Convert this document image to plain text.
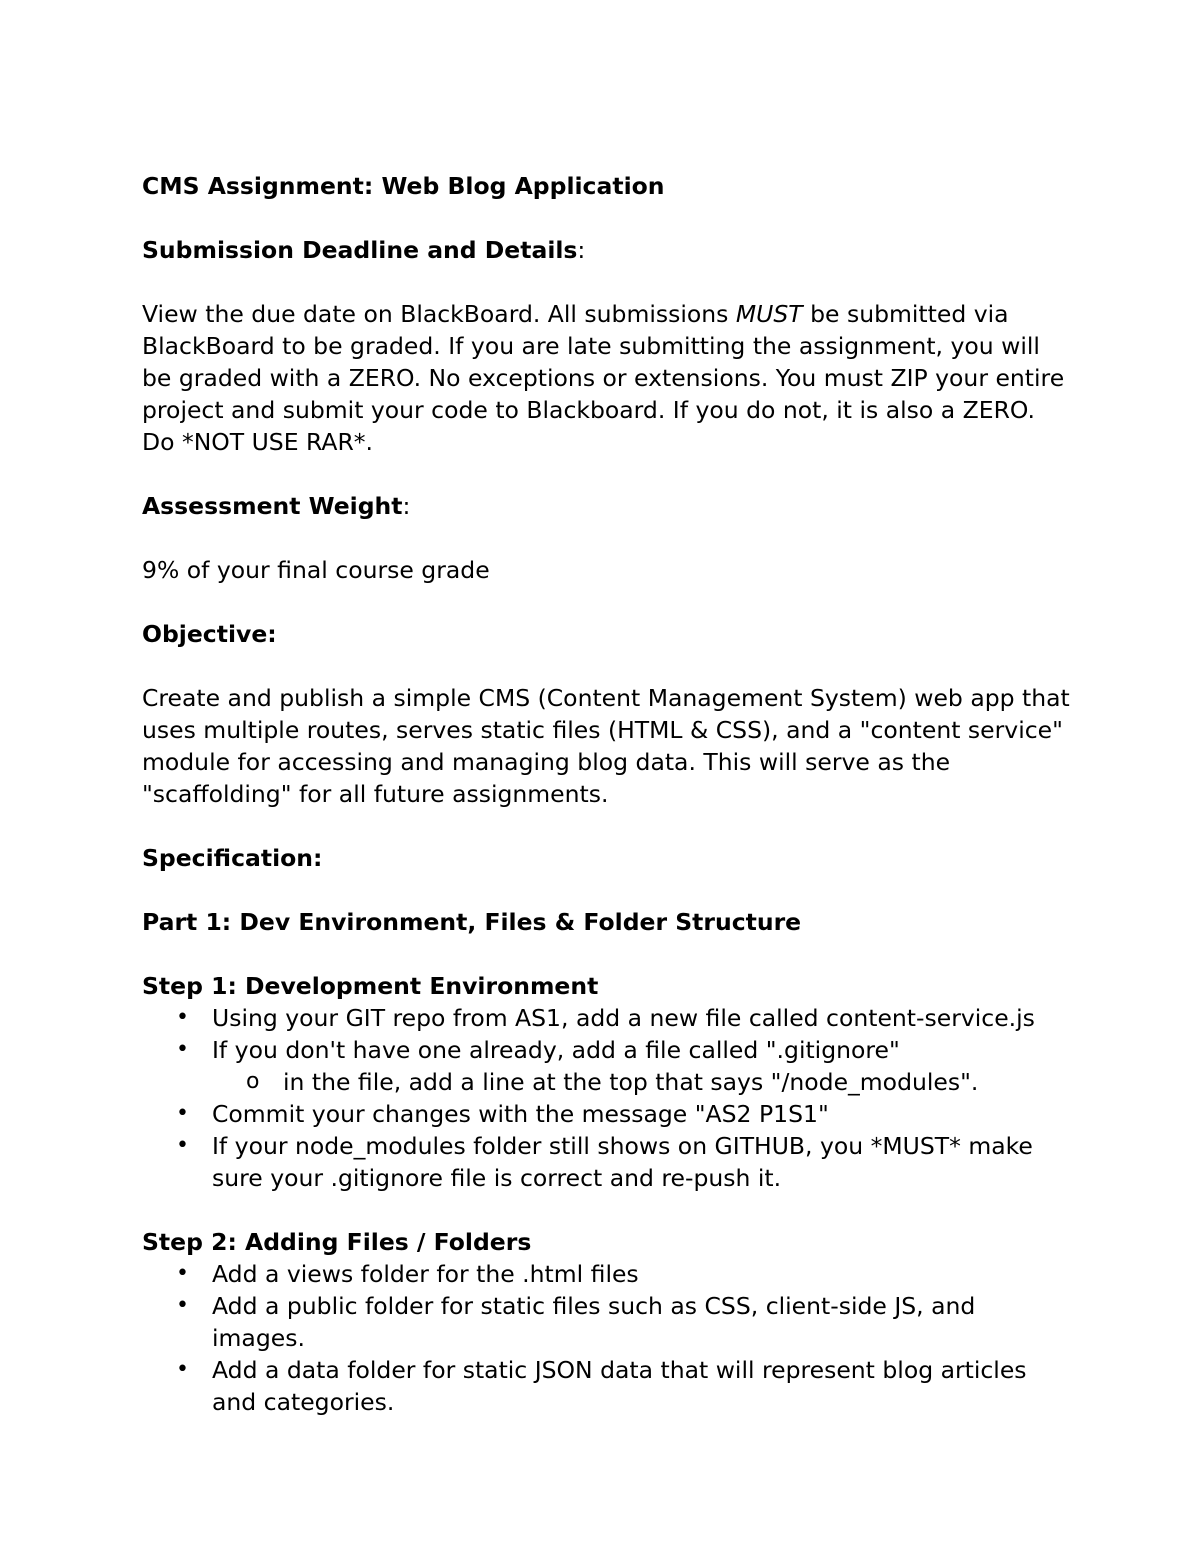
CMS Assignment: Web Blog Application

Submission Deadline and Details:

View the due date on BlackBoard. All submissions MUST be submitted via BlackBoard to be graded. If you are late submitting the assignment, you will be graded with a ZERO. No exceptions or extensions. You must ZIP your entire project and submit your code to Blackboard. If you do not, it is also a ZERO. Do *NOT USE RAR*.

Assessment Weight:

9% of your final course grade

Objective:

Create and publish a simple CMS (Content Management System) web app that uses multiple routes, serves static files (HTML & CSS), and a "content service" module for accessing and managing blog data. This will serve as the "scaffolding" for all future assignments.

Specification:

Part 1: Dev Environment, Files & Folder Structure

Step 1: Development Environment

• Using your GIT repo from AS1, add a new file called content-service.js
• If you don't have one already, add a file called ".gitignore"
o in the file, add a line at the top that says "/node_modules".
• Commit your changes with the message "AS2 P1S1"
• If your node_modules folder still shows on GITHUB, you *MUST* make sure your .gitignore file is correct and re-push it.

Step 2: Adding Files / Folders

• Add a views folder for the .html files
• Add a public folder for static files such as CSS, client-side JS, and images.
• Add a data folder for static JSON data that will represent blog articles and categories.
